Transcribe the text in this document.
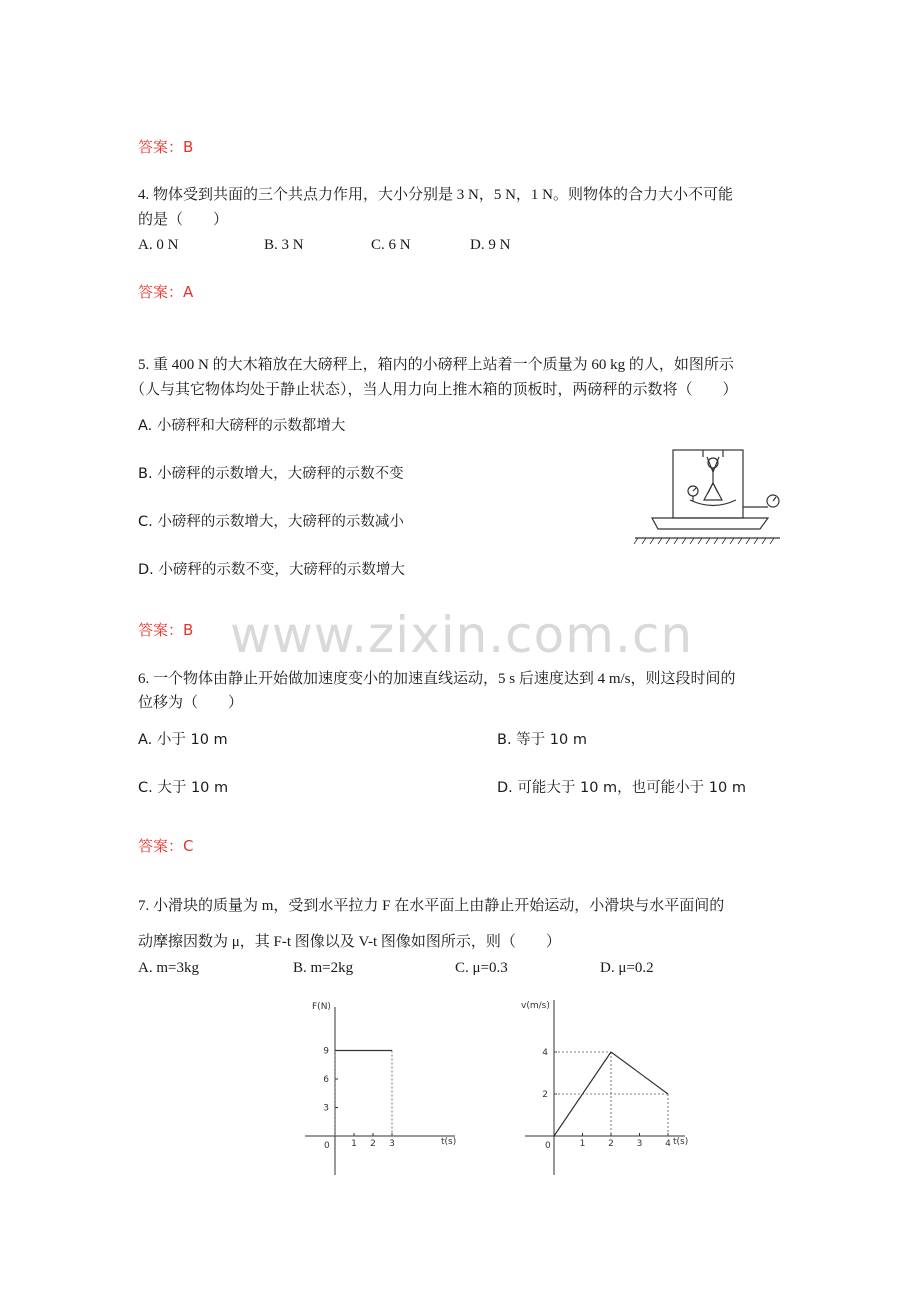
www.zixin.com.cn
答案：B
4. 物体受到共面的三个共点力作用，大小分别是 3 N，5 N，1 N。则物体的合力大小不可能
的是（　　）
A. 0 N	B. 3 N	C. 6 N	D. 9 N
答案：A
5. 重 400 N 的大木箱放在大磅秤上，箱内的小磅秤上站着一个质量为 60 kg 的人，如图所示
（人与其它物体均处于静止状态），当人用力向上推木箱的顶板时，两磅秤的示数将（　　）
A. 小磅秤和大磅秤的示数都增大
B. 小磅秤的示数增大，大磅秤的示数不变
C. 小磅秤的示数增大，大磅秤的示数减小
D. 小磅秤的示数不变，大磅秤的示数增大
答案：B
6. 一个物体由静止开始做加速度变小的加速直线运动，5 s 后速度达到 4 m/s，则这段时间的
位移为（　　）
A. 小于 10 m	B. 等于 10 m
C. 大于 10 m	D. 可能大于 10 m，也可能小于 10 m
答案：C
7. 小滑块的质量为 m，受到水平拉力 F 在水平面上由静止开始运动，小滑块与水平面间的
动摩擦因数为 μ，其 F-t 图像以及 V-t 图像如图所示，则（　　）
A. m=3kg	B. m=2kg	C. μ=0.3	D. μ=0.2
F(N)
t(s)
0 1 2 3
3
6
9
v(m/s)
t(s)
0	1	2	3	4
2
4
